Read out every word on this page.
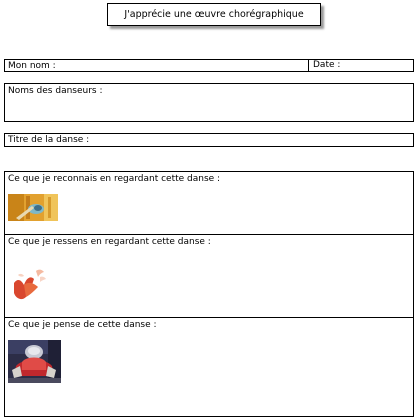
J'apprécie une œuvre chorégraphique
Mon nom :	Date :
Noms des danseurs :
Titre de la danse :
Ce que je reconnais en regardant cette danse :
Ce que je ressens en regardant cette danse :
Ce que je pense de cette danse :
